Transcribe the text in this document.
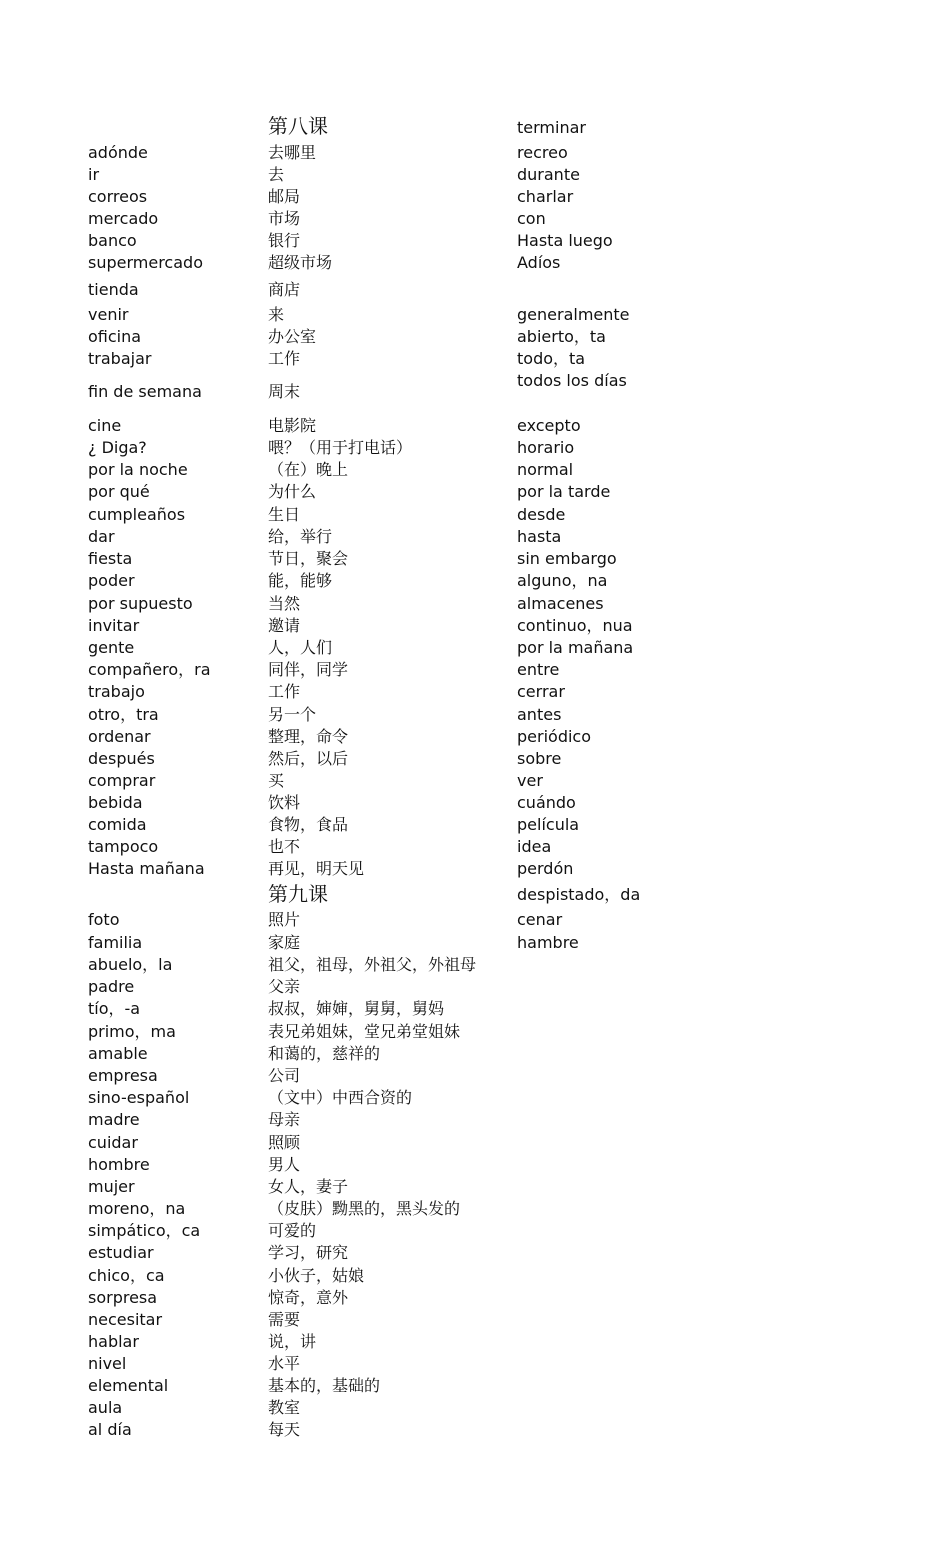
adónde
ir
correos
mercado
banco
supermercado
tienda
venir
oficina
trabajar
fin de semana
cine
¿ Diga?
por la noche
por qué
cumpleaños
dar
fiesta
poder
por supuesto
invitar
gente
compañero，ra
trabajo
otro，tra
ordenar
después
comprar
bebida
comida
tampoco
Hasta mañana
foto
familia
abuelo，la
padre
tío，-a
primo，ma
amable
empresa
sino-español
madre
cuidar
hombre
mujer
moreno，na
simpático，ca
estudiar
chico，ca
sorpresa
necesitar
hablar
nivel
elemental
aula
al día
第八课
去哪里
去
邮局
市场
银行
超级市场
商店
来
办公室
工作
周末
电影院
喂？（用于打电话）
（在）晚上
为什么
生日
给，举行
节日，聚会
能，能够
当然
邀请
人，人们
同伴，同学
工作
另一个
整理，命令
然后，以后
买
饮料
食物，食品
也不
再见，明天见
第九课
照片
家庭
祖父，祖母，外祖父，外祖母
父亲
叔叔，婶婶，舅舅，舅妈
表兄弟姐妹，堂兄弟堂姐妹
和蔼的，慈祥的
公司
（文中）中西合资的
母亲
照顾
男人
女人，妻子
（皮肤）黝黑的，黑头发的
可爱的
学习，研究
小伙子，姑娘
惊奇，意外
需要
说，讲
水平
基本的，基础的
教室
每天
terminar
recreo
durante
charlar
con
Hasta luego
Adíos
generalmente
abierto，ta
todo，ta
todos los días
excepto
horario
normal
por la tarde
desde
hasta
sin embargo
alguno，na
almacenes
continuo，nua
por la mañana
entre
cerrar
antes
periódico
sobre
ver
cuándo
película
idea
perdón
despistado，da
cenar
hambre
